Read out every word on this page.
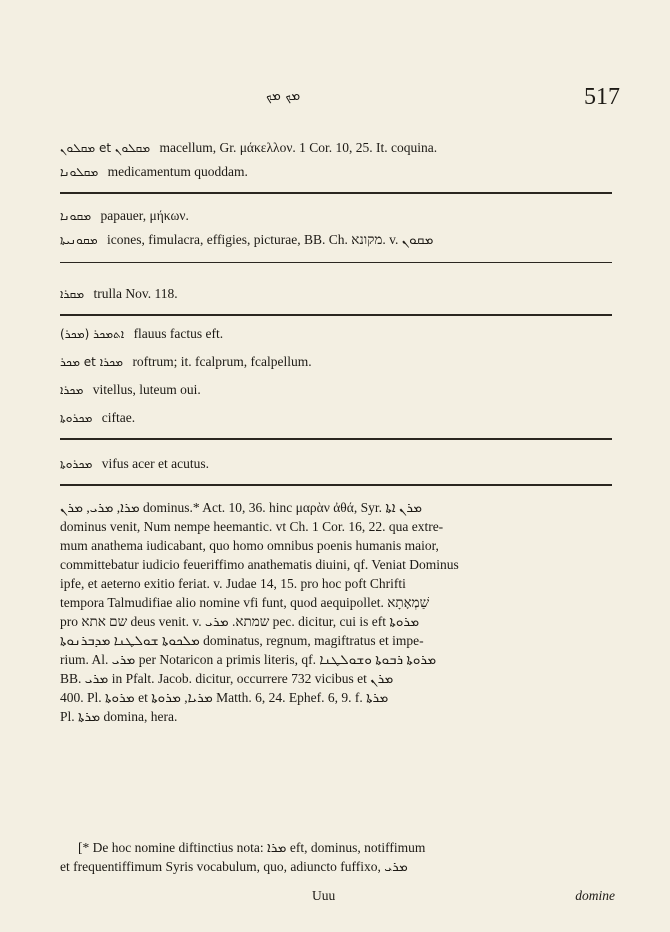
ܡܟ ܡܟ	517
ܡܩܠܘܢ et ܡܩܠܘܢ macellum, Gr. μάκελλον. 1 Cor. 10, 25. It. coquina.
ܡܩܠܘܢܐ medicamentum quoddam.
ܡܩܘܢܐ papauer, μήκων.
ܡܩܘܢܝܬܐ icones, fimulacra, effigies, picturae, BB. Ch. מקונא. v. ܡܩܘܢ
ܡܩܪܐ trulla Nov. 118.
(ܡܟܪ) ܐܬܡܟܪ flauus factus eft.
ܡܟܪ et ܡܟܪܐ roftrum; it. fcalprum, fcalpellum.
ܡܟܪܐ vitellus, luteum oui.
ܡܟܪܘܬܐ ciftae.
ܡܟܪܘܬܐ vifus acer et acutus.
ܡܪܐ, ܡܪܝ, ܡܪܢ dominus.* Act. 10, 36. hinc μαρὰν ἀθά, Syr. ܡܪܢ ܐܬܐ
dominus venit, Num nempe heemantic. vt Ch. 1 Cor. 16, 22. qua extre-
mum anathema iudicabant, quo homo omnibus poenis humanis maior,
committebatur iudicio feueriffimo anathematis diuini, qf. Veniat Dominus
ipfe, et aeterno exitio feriat. v. Judae 14, 15. pro hoc poft Chrifti
tempora Talmudifiae alio nomine vfi funt, quod aequipollet. שַׁמְאָתָא
pro שם אתא deus venit. v. שמתא. ܡܪܝ pec. dicitur, cui is eft ܡܪܘܬܐ
ܡܠܟܘܬܐ ܫܘܠܛܢܐ ܡܕܒܪܢܘܬܐ dominatus, regnum, magiftratus et impe-
rium. Al. ܡܪܝ per Notaricon a primis literis, qf. ܡܪܘܬܐ ܪܒܘܬܐ ܘܫܘܠܛܢܐ
BB. ܡܪܝ in Pfalt. Jacob. dicitur, occurrere 732 vicibus et ܡܪܢ
400. Pl. ܡܪܘܬܐ et ܡܪܝܐ, ܡܪܘܬܐ Matth. 6, 24. Ephef. 6, 9. f. ܡܪܬܐ
Pl. ܡܪܬܐ domina, hera.
[* De hoc nomine diftinctius nota: ܡܪܐ eft, dominus, notiffimum
et frequentiffimum Syris vocabulum, quo, adiuncto fuffixo, ܡܪܝ
Uuu	domine
